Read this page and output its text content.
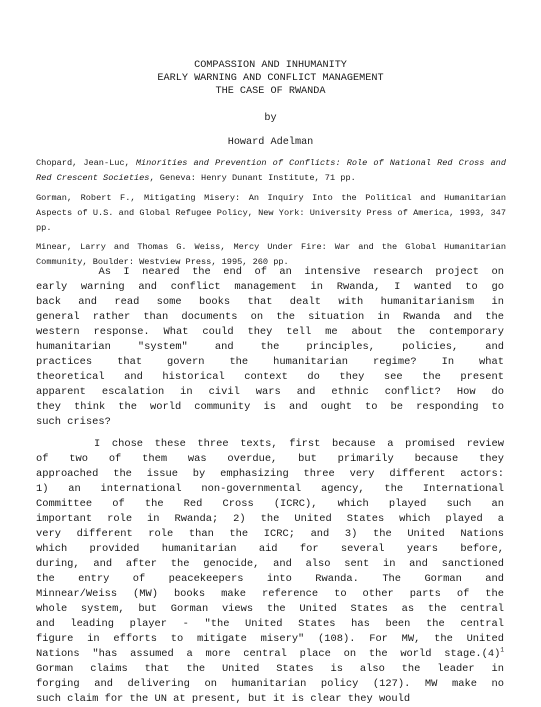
COMPASSION AND INHUMANITY
EARLY WARNING AND CONFLICT MANAGEMENT
THE CASE OF RWANDA
by
Howard Adelman
Chopard, Jean-Luc, Minorities and Prevention of Conflicts: Role of National Red Cross and Red Crescent Societies, Geneva: Henry Dunant Institute, 71 pp.
Gorman, Robert F., Mitigating Misery: An Inquiry Into the Political and Humanitarian Aspects of U.S. and Global Refugee Policy, New York: University Press of America, 1993, 347 pp.
Minear, Larry and Thomas G. Weiss, Mercy Under Fire: War and the Global Humanitarian Community, Boulder: Westview Press, 1995, 260 pp.
As I neared the end of an intensive research project on
early warning and conflict management in Rwanda, I wanted to go
back and read some books that dealt with humanitarianism in
general rather than documents on the situation in Rwanda and the
western response. What could they tell me about the contemporary
humanitarian "system" and the principles, policies, and
practices that govern the humanitarian regime? In what
theoretical and historical context do they see the present
apparent escalation in civil wars and ethnic conflict? How do
they think the world community is and ought to be responding to
such crises?
I chose these three texts, first because a promised review
of two of them was overdue, but primarily because they
approached the issue by emphasizing three very different actors:
1) an international non-governmental agency, the International
Committee of the Red Cross (ICRC), which played such an
important role in Rwanda; 2) the United States which played a
very different role than the ICRC; and 3) the United Nations
which provided humanitarian aid for several years before,
during, and after the genocide, and also sent in and sanctioned
the entry of peacekeepers into Rwanda. The Gorman and
Minnear/Weiss (MW) books make reference to other parts of the
whole system, but Gorman views the United States as the central
and leading player - "the United States has been the central
figure in efforts to mitigate misery" (108). For MW, the United
Nations "has assumed a more central place on the world $stage.(4)^1$
Gorman claims that the United States is also the leader in
forging and delivering on humanitarian policy (127). MW make no
such claim for the UN at present, but it is clear they would
